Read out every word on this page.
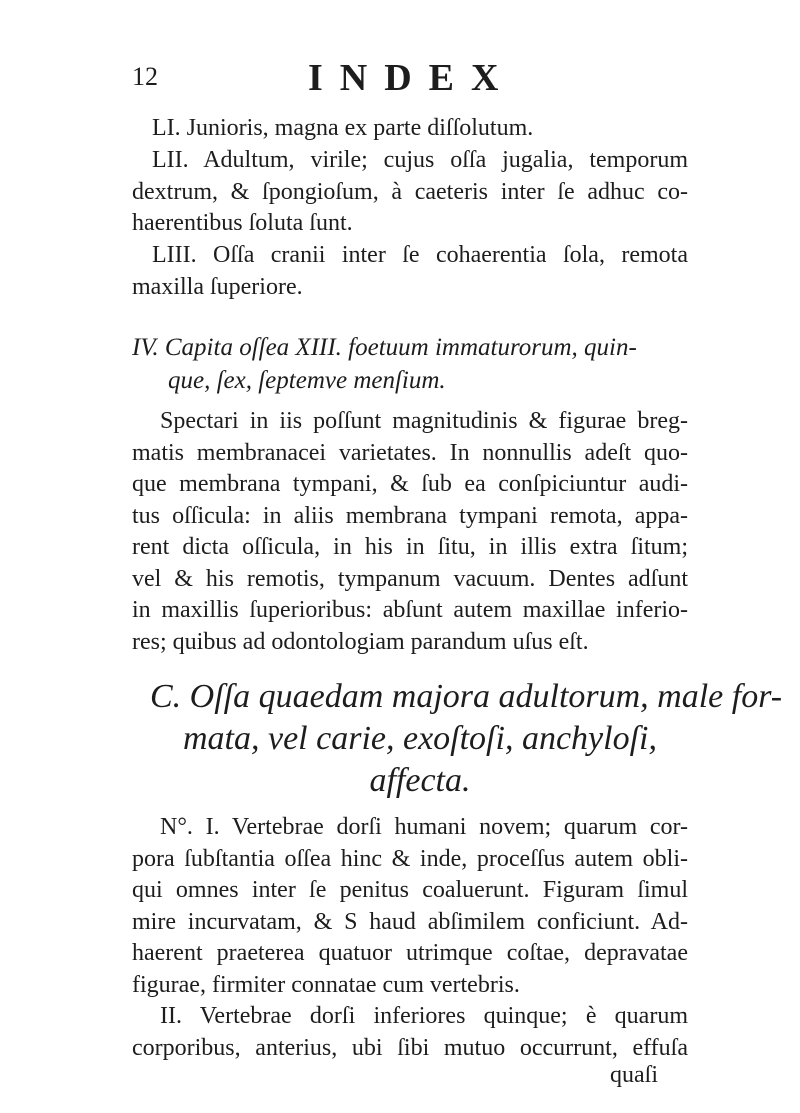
12	INDEX
LI. Junioris, magna ex parte diſſolutum.
LII. Adultum, virile; cujus oſſa jugalia, temporum
dextrum, & ſpongioſum, à caeteris inter ſe adhuc co-
haerentibus ſoluta ſunt.
LIII. Oſſa cranii inter ſe cohaerentia ſola, remota
maxilla ſuperiore.
IV. Capita oſſea XIII. foetuum immaturorum, quin-
que, ſex, ſeptemve menſium.
Spectari in iis poſſunt magnitudinis & figurae breg-
matis membranacei varietates. In nonnullis adeſt quo-
que membrana tympani, & ſub ea conſpiciuntur audi-
tus oſſicula: in aliis membrana tympani remota, appa-
rent dicta oſſicula, in his in ſitu, in illis extra ſitum;
vel & his remotis, tympanum vacuum. Dentes adſunt
in maxillis ſuperioribus: abſunt autem maxillae inferio-
res; quibus ad odontologiam parandum uſus eſt.
C. Oſſa quaedam majora adultorum, male for-
mata, vel carie, exoſtoſi, anchyloſi,
affecta.
N°. I. Vertebrae dorſi humani novem; quarum cor-
pora ſubſtantia oſſea hinc & inde, proceſſus autem obli-
qui omnes inter ſe penitus coaluerunt. Figuram ſimul
mire incurvatam, & S haud abſimilem conficiunt. Ad-
haerent praeterea quatuor utrimque coſtae, depravatae
figurae, firmiter connatae cum vertebris.
II. Vertebrae dorſi inferiores quinque; è quarum
corporibus, anterius, ubi ſibi mutuo occurrunt, effuſa
quaſi
